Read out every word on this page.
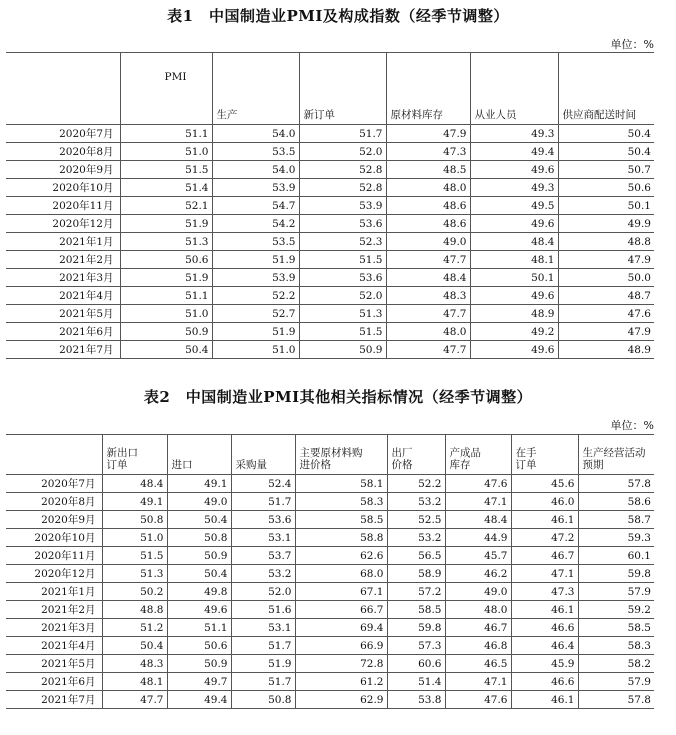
表1　中国制造业PMI及构成指数（经季节调整）
单位：%
	PMI	生产	新订单	原材料库存	从业人员	供应商配送时间
2020年7月	51.1	54.0	51.7	47.9	49.3	50.4
2020年8月	51.0	53.5	52.0	47.3	49.4	50.4
2020年9月	51.5	54.0	52.8	48.5	49.6	50.7
2020年10月	51.4	53.9	52.8	48.0	49.3	50.6
2020年11月	52.1	54.7	53.9	48.6	49.5	50.1
2020年12月	51.9	54.2	53.6	48.6	49.6	49.9
2021年1月	51.3	53.5	52.3	49.0	48.4	48.8
2021年2月	50.6	51.9	51.5	47.7	48.1	47.9
2021年3月	51.9	53.9	53.6	48.4	50.1	50.0
2021年4月	51.1	52.2	52.0	48.3	49.6	48.7
2021年5月	51.0	52.7	51.3	47.7	48.9	47.6
2021年6月	50.9	51.9	51.5	48.0	49.2	47.9
2021年7月	50.4	51.0	50.9	47.7	49.6	48.9
表2　中国制造业PMI其他相关指标情况（经季节调整）
单位：%

	新出口订单	进口	采购量	主要原材料购进价格	出厂价格	产成品库存	在手订单	生产经营活动预期

2020年7月	48.4	49.1	52.4	58.1	52.2	47.6	45.6	57.8
2020年8月	49.1	49.0	51.7	58.3	53.2	47.1	46.0	58.6
2020年9月	50.8	50.4	53.6	58.5	52.5	48.4	46.1	58.7
2020年10月	51.0	50.8	53.1	58.8	53.2	44.9	47.2	59.3
2020年11月	51.5	50.9	53.7	62.6	56.5	45.7	46.7	60.1
2020年12月	51.3	50.4	53.2	68.0	58.9	46.2	47.1	59.8
2021年1月	50.2	49.8	52.0	67.1	57.2	49.0	47.3	57.9
2021年2月	48.8	49.6	51.6	66.7	58.5	48.0	46.1	59.2
2021年3月	51.2	51.1	53.1	69.4	59.8	46.7	46.6	58.5
2021年4月	50.4	50.6	51.7	66.9	57.3	46.8	46.4	58.3
2021年5月	48.3	50.9	51.9	72.8	60.6	46.5	45.9	58.2
2021年6月	48.1	49.7	51.7	61.2	51.4	47.1	46.6	57.9
2021年7月	47.7	49.4	50.8	62.9	53.8	47.6	46.1	57.8
